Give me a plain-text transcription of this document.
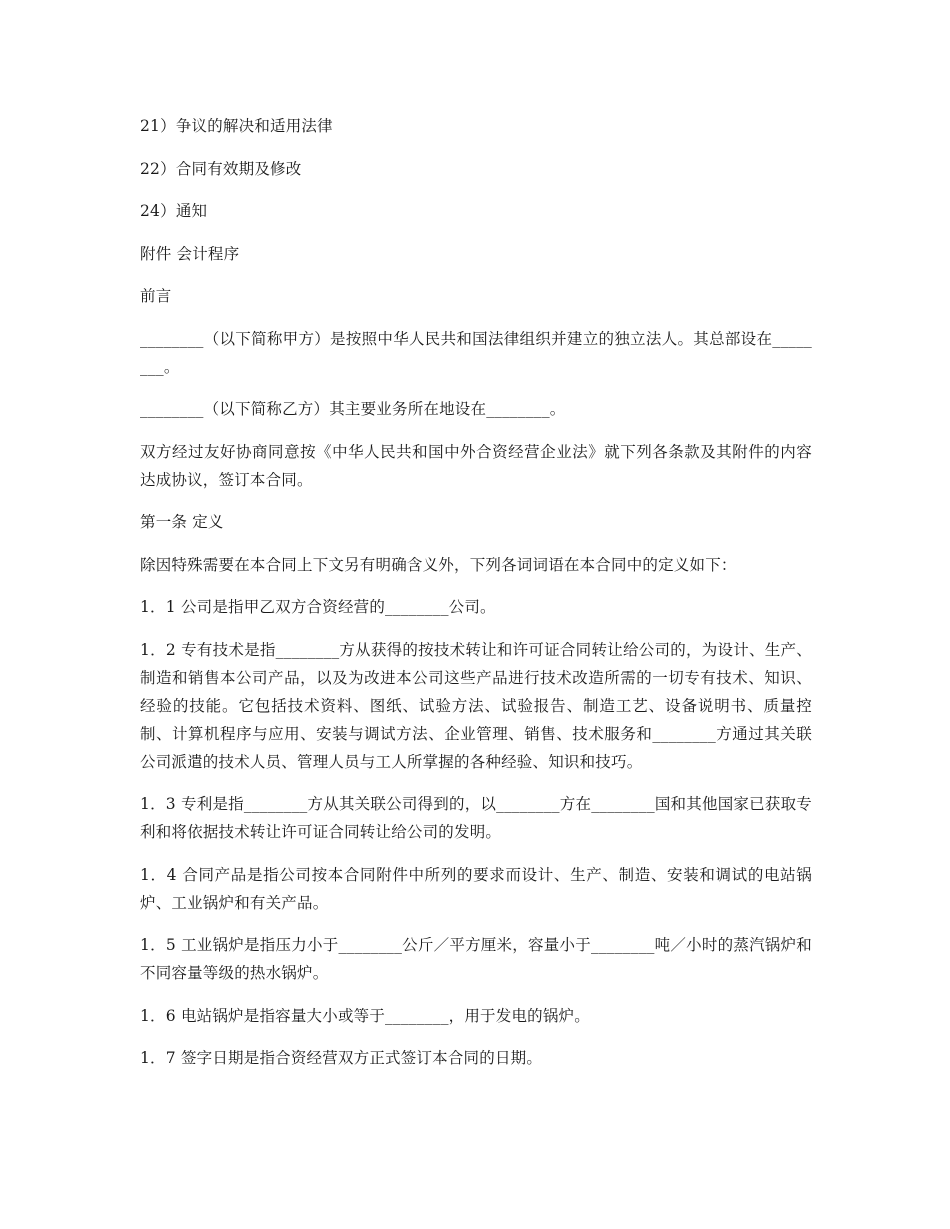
21）争议的解决和适用法律

22）合同有效期及修改

24）通知

附件 会计程序

前言

________（以下简称甲方）是按照中华人民共和国法律组织并建立的独立法人。其总部设在________。

________（以下简称乙方）其主要业务所在地设在________。

双方经过友好协商同意按《中华人民共和国中外合资经营企业法》就下列各条款及其附件的内容达成协议，签订本合同。

第一条 定义

除因特殊需要在本合同上下文另有明确含义外，下列各词词语在本合同中的定义如下：

1．1 公司是指甲乙双方合资经营的________公司。

1．2 专有技术是指________方从获得的按技术转让和许可证合同转让给公司的，为设计、生产、制造和销售本公司产品，以及为改进本公司这些产品进行技术改造所需的一切专有技术、知识、经验的技能。它包括技术资料、图纸、试验方法、试验报告、制造工艺、设备说明书、质量控制、计算机程序与应用、安装与调试方法、企业管理、销售、技术服务和________方通过其关联公司派遣的技术人员、管理人员与工人所掌握的各种经验、知识和技巧。

1．3 专利是指________方从其关联公司得到的，以________方在________国和其他国家已获取专利和将依据技术转让许可证合同转让给公司的发明。

1．4 合同产品是指公司按本合同附件中所列的要求而设计、生产、制造、安装和调试的电站锅炉、工业锅炉和有关产品。

1．5 工业锅炉是指压力小于________公斤／平方厘米，容量小于________吨／小时的蒸汽锅炉和不同容量等级的热水锅炉。

1．6 电站锅炉是指容量大小或等于________，用于发电的锅炉。

1．7 签字日期是指合资经营双方正式签订本合同的日期。
